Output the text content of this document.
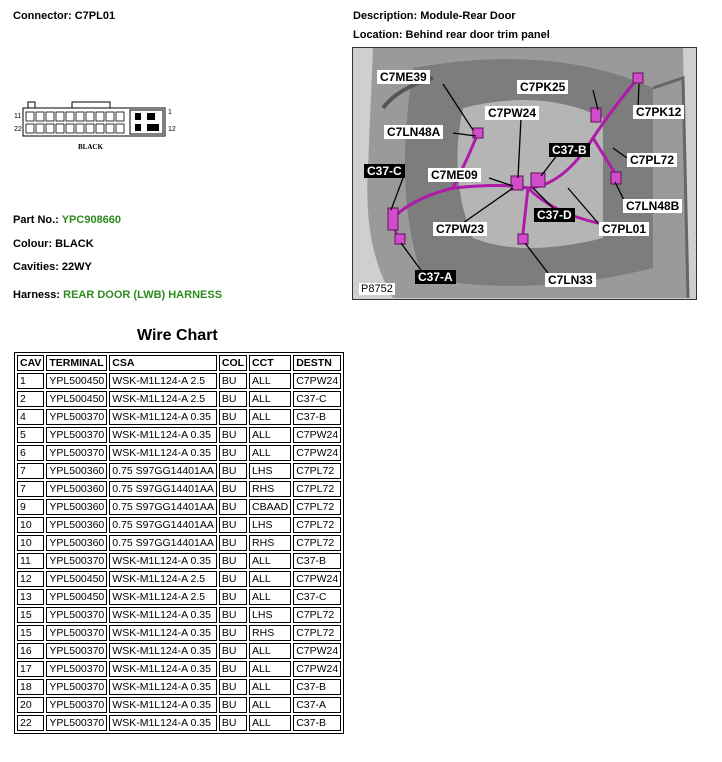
Connector: C7PL01	Description: Module-Rear Door
Location: Behind rear door trim panel
11
22
1
12
BLACK
Part No.: YPC908660
Colour: BLACK
Cavities: 22WY
Harness: REAR DOOR (LWB) HARNESS
C7ME39
C7PK25
C7PK12
C7PW24
C7LN48A
C37-B
C7PL72
C37-C C7ME09
C7LN48B
C37-D
C7PW23	C7PL01
C37-A	C7LN33
P8752
Wire Chart
CAV	TERMINAL	CSA	COL	CCT	DESTN
1	YPL500450	WSK-M1L124-A 2.5	BU	ALL	C7PW24
2	YPL500450	WSK-M1L124-A 2.5	BU	ALL	C37-C
4	YPL500370	WSK-M1L124-A 0.35	BU	ALL	C37-B
5	YPL500370	WSK-M1L124-A 0.35	BU	ALL	C7PW24
6	YPL500370	WSK-M1L124-A 0.35	BU	ALL	C7PW24
7	YPL500360	0.75 S97GG14401AA	BU	LHS	C7PL72
7	YPL500360	0.75 S97GG14401AA	BU	RHS	C7PL72
9	YPL500360	0.75 S97GG14401AA	BU	CBAAD	C7PL72
10	YPL500360	0.75 S97GG14401AA	BU	LHS	C7PL72
10	YPL500360	0.75 S97GG14401AA	BU	RHS	C7PL72
11	YPL500370	WSK-M1L124-A 0.35	BU	ALL	C37-B
12	YPL500450	WSK-M1L124-A 2.5	BU	ALL	C7PW24
13	YPL500450	WSK-M1L124-A 2.5	BU	ALL	C37-C
15	YPL500370	WSK-M1L124-A 0.35	BU	LHS	C7PL72
15	YPL500370	WSK-M1L124-A 0.35	BU	RHS	C7PL72
16	YPL500370	WSK-M1L124-A 0.35	BU	ALL	C7PW24
17	YPL500370	WSK-M1L124-A 0.35	BU	ALL	C7PW24
18	YPL500370	WSK-M1L124-A 0.35	BU	ALL	C37-B
20	YPL500370	WSK-M1L124-A 0.35	BU	ALL	C37-A
22	YPL500370	WSK-M1L124-A 0.35	BU	ALL	C37-B
